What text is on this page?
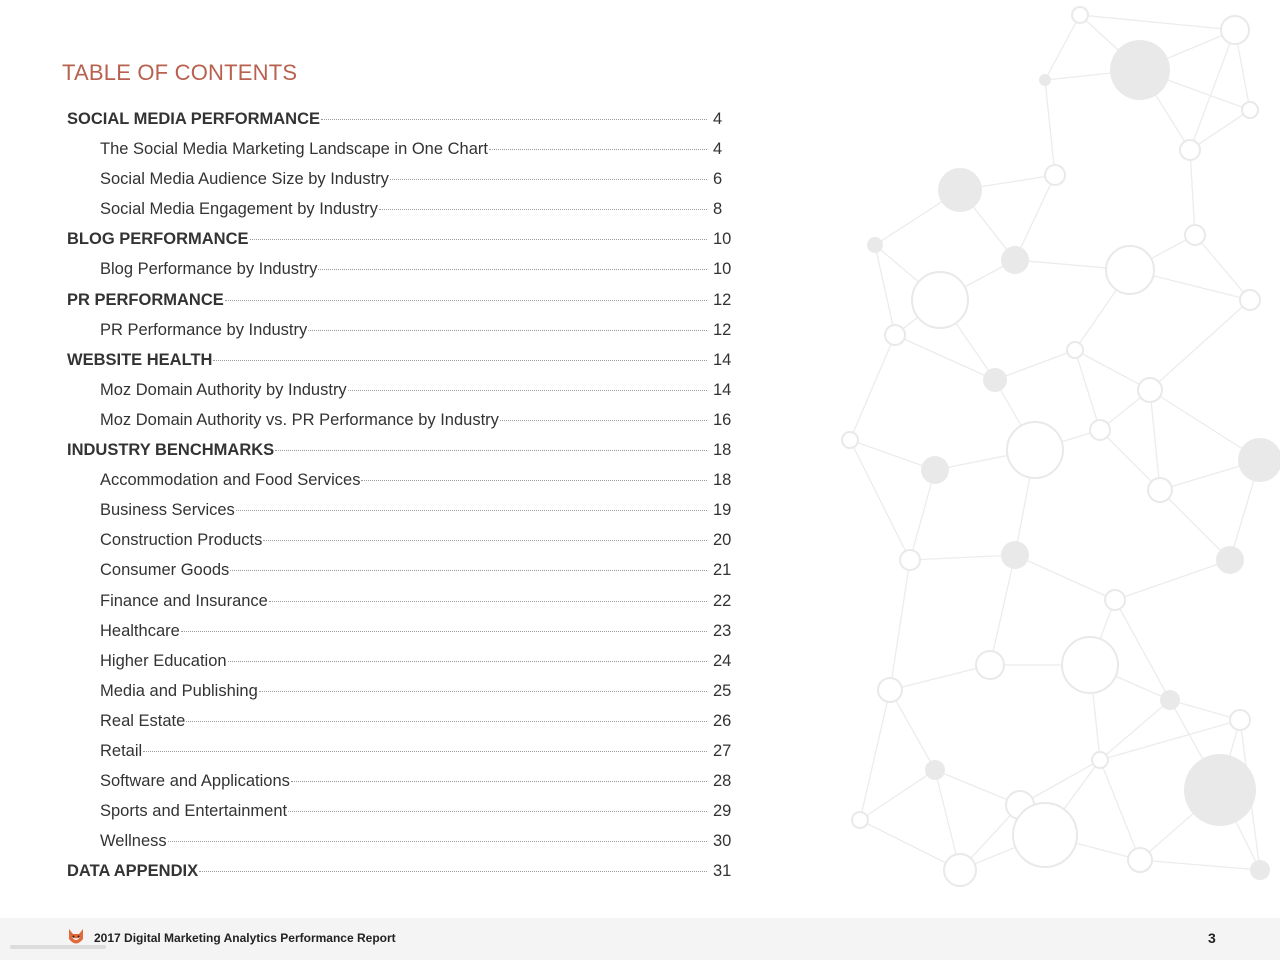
TABLE OF CONTENTS
SOCIAL MEDIA PERFORMANCE	4
The Social Media Marketing Landscape in One Chart	4
Social Media Audience Size by Industry	6
Social Media Engagement by Industry	8
BLOG PERFORMANCE	10
Blog Performance by Industry	10
PR PERFORMANCE	12
PR Performance by Industry	12
WEBSITE HEALTH	14
Moz Domain Authority by Industry	14
Moz Domain Authority vs. PR Performance by Industry	16
INDUSTRY BENCHMARKS	18
Accommodation and Food Services	18
Business Services	19
Construction Products	20
Consumer Goods	21
Finance and Insurance	22
Healthcare	23
Higher Education	24
Media and Publishing	25
Real Estate	26
Retail	27
Software and Applications	28
Sports and Entertainment	29
Wellness	30
DATA APPENDIX	31
2017 Digital Marketing Analytics Performance Report	3
